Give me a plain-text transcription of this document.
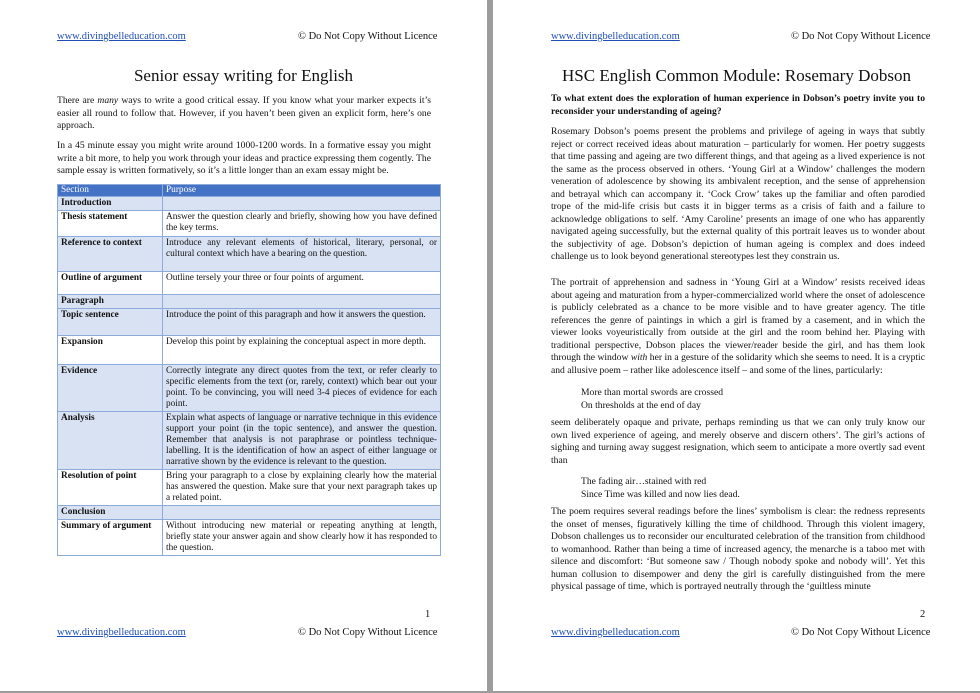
www.divingbelleducation.com	© Do Not Copy Without Licence
Senior essay writing for English

There are many ways to write a good critical essay. If you know what your marker expects it’s easier all round to follow that. However, if you haven’t been given an explicit form, here’s one approach.

In a 45 minute essay you might write around 1000-1200 words. In a formative essay you might write a bit more, to help you work through your ideas and practice expressing them cogently. The sample essay is written formatively, so it’s a little longer than an exam essay might be.

Section	Purpose
Introduction	
Thesis statement	Answer the question clearly and briefly, showing how you have defined the key terms.
Reference to context	Introduce any relevant elements of historical, literary, personal, or cultural context which have a bearing on the question.
Outline of argument	Outline tersely your three or four points of argument.
Paragraph	
Topic sentence	Introduce the point of this paragraph and how it answers the question.
Expansion	Develop this point by explaining the conceptual aspect in more depth.
Evidence	Correctly integrate any direct quotes from the text, or refer clearly to specific elements from the text (or, rarely, context) which bear out your point. To be convincing, you will need 3-4 pieces of evidence for each point.
Analysis	Explain what aspects of language or narrative technique in this evidence support your point (in the topic sentence), and answer the question. Remember that analysis is not paraphrase or pointless technique-labelling. It is the identification of how an aspect of either language or narrative shown by the evidence is relevant to the question.
Resolution of point	Bring your paragraph to a close by explaining clearly how the material has answered the question. Make sure that your next paragraph takes up a related point.
Conclusion	
Summary of argument	Without introducing new material or repeating anything at length, briefly state your answer again and show clearly how it has responded to the question.
1
www.divingbelleducation.com	© Do Not Copy Without Licence
www.divingbelleducation.com	© Do Not Copy Without Licence
HSC English Common Module: Rosemary Dobson

To what extent does the exploration of human experience in Dobson’s poetry invite you to reconsider your understanding of ageing?

Rosemary Dobson’s poems present the problems and privilege of ageing in ways that subtly reject or correct received ideas about maturation – particularly for women. Her poetry suggests that time passing and ageing are two different things, and that ageing as a lived experience is not the same as the process observed in others. ‘Young Girl at a Window’ challenges the modern veneration of adolescence by showing its ambivalent reception, and the sense of apprehension and betrayal which can accompany it. ‘Cock Crow’ takes up the familiar and often parodied trope of the mid-life crisis but casts it in bigger terms as a crisis of faith and a failure to acknowledge obligations to self. ‘Amy Caroline’ presents an image of one who has apparently navigated ageing successfully, but the external quality of this portrait leaves us to wonder about the subjectivity of age. Dobson’s depiction of human ageing is complex and does indeed challenge us to look beyond generational stereotypes lest they constrain us.

The portrait of apprehension and sadness in ‘Young Girl at a Window’ resists received ideas about ageing and maturation from a hyper-commercialized world where the onset of adolescence is publicly celebrated as a chance to be more visible and to have greater agency. The title references the genre of paintings in which a girl is framed by a casement, and in which the viewer looks voyeuristically from outside at the girl and the room behind her. Playing with traditional perspective, Dobson places the viewer/reader beside the girl, and has them look through the window with her in a gesture of the solidarity which she seems to need. It is a cryptic and allusive poem – rather like adolescence itself – and some of the lines, particularly:

More than mortal swords are crossed
On thresholds at the end of day

seem deliberately opaque and private, perhaps reminding us that we can only truly know our own lived experience of ageing, and merely observe and discern others’. The girl’s actions of sighing and turning away suggest resignation, which seem to anticipate a more overtly sad event than

The fading air…stained with red
Since Time was killed and now lies dead.

The poem requires several readings before the lines’ symbolism is clear: the redness represents the onset of menses, figuratively killing the time of childhood. Through this violent imagery, Dobson challenges us to reconsider our enculturated celebration of the transition from childhood to womanhood. Rather than being a time of increased agency, the menarche is a taboo met with silence and discomfort: ‘But someone saw / Though nobody spoke and nobody will’. Yet this human collusion to disempower and deny the girl is carefully distinguished from the mere physical passage of time, which is portrayed neutrally through the ‘guiltless minute

2
www.divingbelleducation.com	© Do Not Copy Without Licence
